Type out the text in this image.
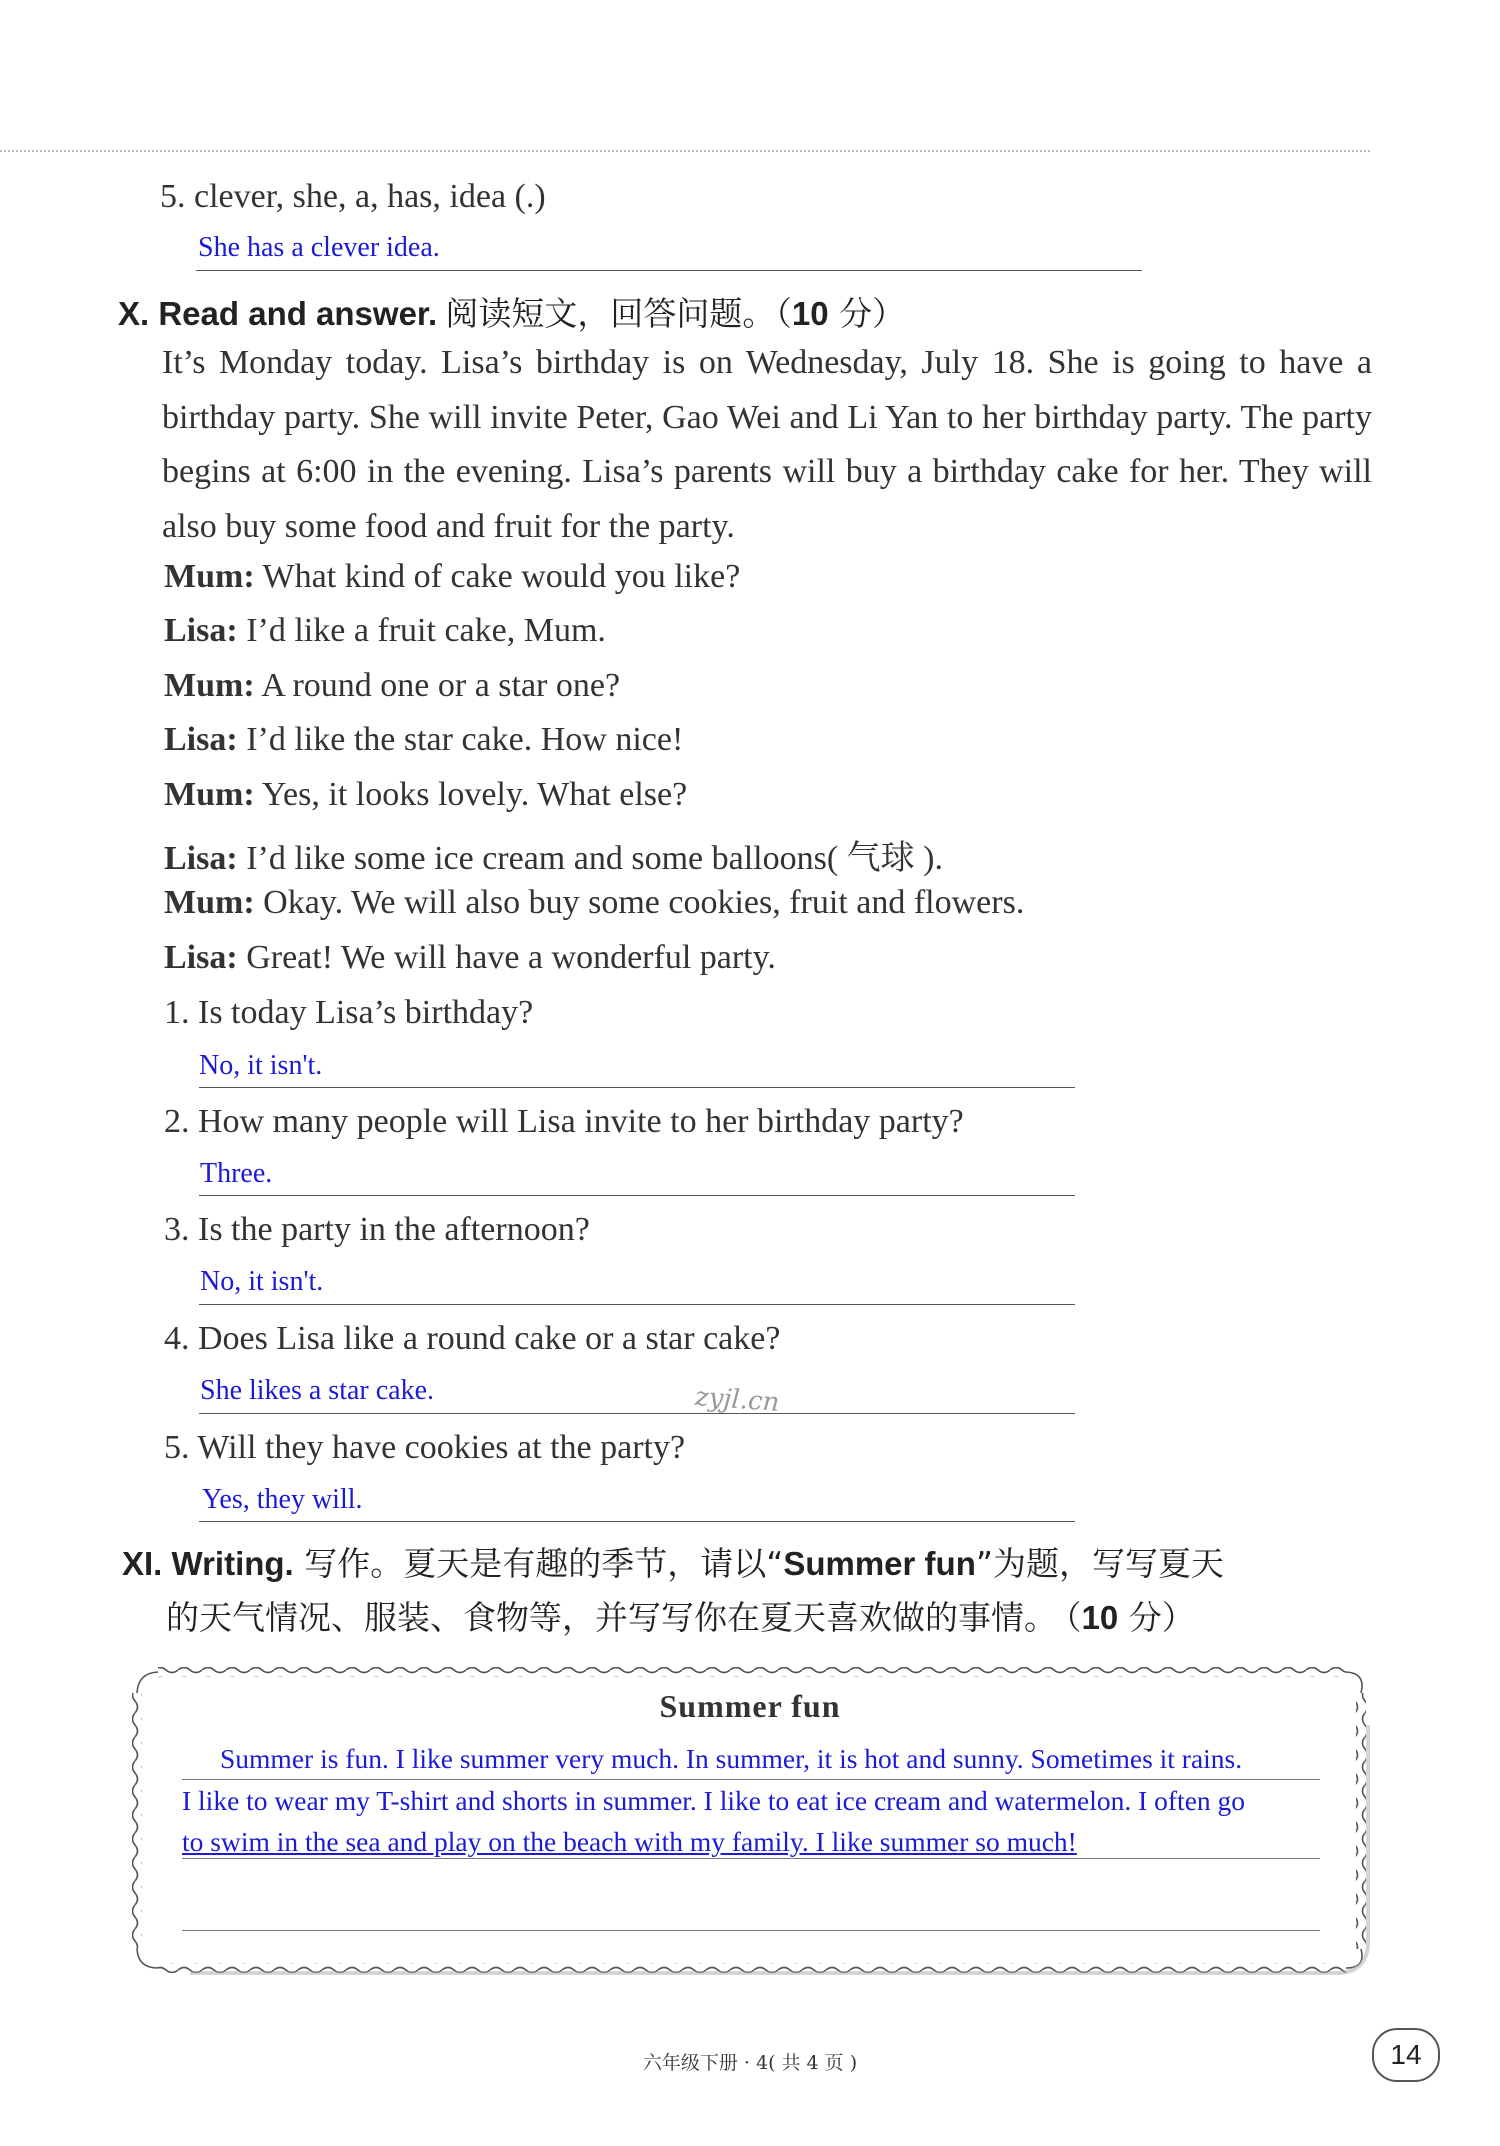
5. clever, she, a, has, idea (.)
She has a clever idea.
X. Read and answer. 阅读短文，回答问题。（10 分）
It’s Monday today. Lisa’s birthday is on Wednesday, July 18. She is going to have a birthday party. She will invite Peter, Gao Wei and Li Yan to her birthday party. The party begins at 6:00 in the evening. Lisa’s parents will buy a birthday cake for her. They will also buy some food and fruit for the party.
Mum: What kind of cake would you like?
Lisa: I’d like a fruit cake, Mum.
Mum: A round one or a star one?
Lisa: I’d like the star cake. How nice!
Mum: Yes, it looks lovely. What else?
Lisa: I’d like some ice cream and some balloons( 气球 ).
Mum: Okay. We will also buy some cookies, fruit and flowers.
Lisa: Great! We will have a wonderful party.
1. Is today Lisa’s birthday?
No, it isn't.
2. How many people will Lisa invite to her birthday party?
Three.
3. Is the party in the afternoon?
No, it isn't.
4. Does Lisa like a round cake or a star cake?
She likes a star cake.	zyjl.cn
5. Will they have cookies at the party?
Yes, they will.
XI. Writing. 写作。夏天是有趣的季节，请以“Summer fun”为题，写写夏天
的天气情况、服装、食物等，并写写你在夏天喜欢做的事情。 （10 分）
Summer fun
Summer is fun. I like summer very much. In summer, it is hot and sunny. Sometimes it rains.
I like to wear my T-shirt and shorts in summer. I like to eat ice cream and watermelon. I often go
to swim in the sea and play on the beach with my family. I like summer so much!
六年级下册 · 4( 共 4 页 )	14
